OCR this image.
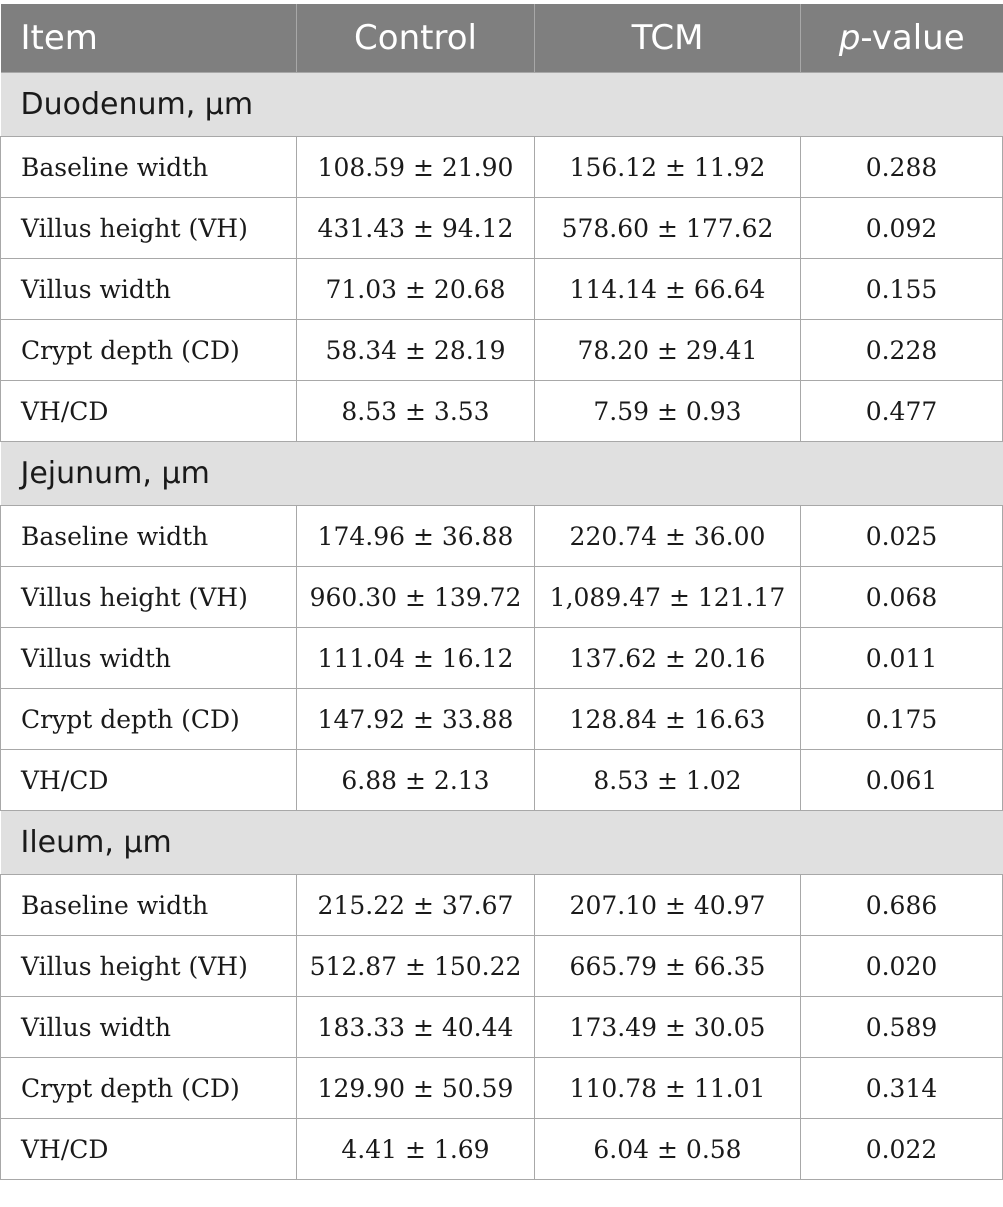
Item	Control	TCM	p-value
Duodenum, μm			
Baseline width	108.59 ± 21.90	156.12 ± 11.92	0.288
Villus height (VH)	431.43 ± 94.12	578.60 ± 177.62	0.092
Villus width	71.03 ± 20.68	114.14 ± 66.64	0.155
Crypt depth (CD)	58.34 ± 28.19	78.20 ± 29.41	0.228
VH/CD	8.53 ± 3.53	7.59 ± 0.93	0.477
Jejunum, μm			
Baseline width	174.96 ± 36.88	220.74 ± 36.00	0.025
Villus height (VH)	960.30 ± 139.72	1,089.47 ± 121.17	0.068
Villus width	111.04 ± 16.12	137.62 ± 20.16	0.011
Crypt depth (CD)	147.92 ± 33.88	128.84 ± 16.63	0.175
VH/CD	6.88 ± 2.13	8.53 ± 1.02	0.061
Ileum, μm			
Baseline width	215.22 ± 37.67	207.10 ± 40.97	0.686
Villus height (VH)	512.87 ± 150.22	665.79 ± 66.35	0.020
Villus width	183.33 ± 40.44	173.49 ± 30.05	0.589
Crypt depth (CD)	129.90 ± 50.59	110.78 ± 11.01	0.314
VH/CD	4.41 ± 1.69	6.04 ± 0.58	0.022
